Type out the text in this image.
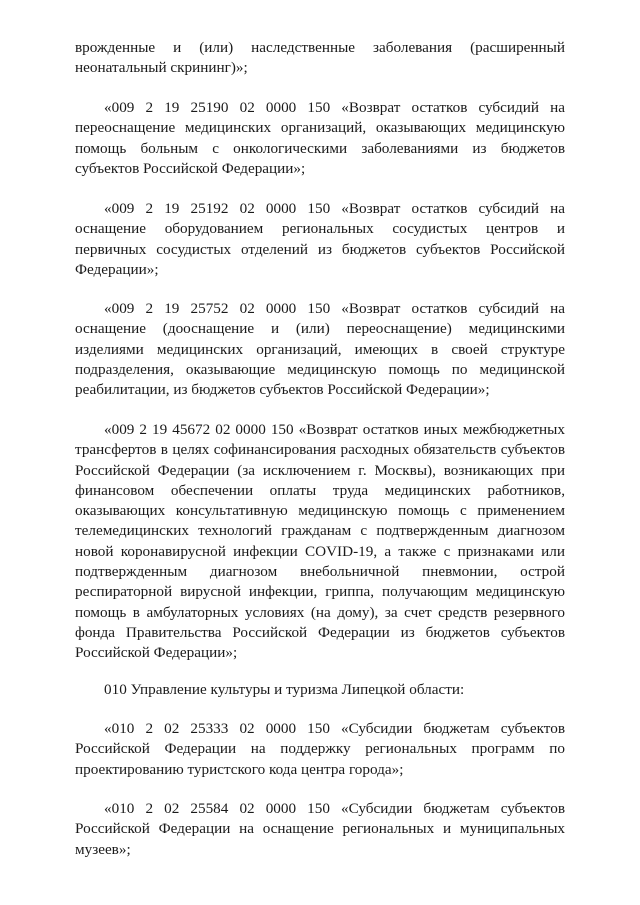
врожденные и (или) наследственные заболевания (расширенный неонатальный скрининг)»;

«009 2 19 25190 02 0000 150 «Возврат остатков субсидий на переоснащение медицинских организаций, оказывающих медицинскую помощь больным с онкологическими заболеваниями из бюджетов субъектов Российской Федерации»;

«009 2 19 25192 02 0000 150 «Возврат остатков субсидий на оснащение оборудованием региональных сосудистых центров и первичных сосудистых отделений из бюджетов субъектов Российской Федерации»;

«009 2 19 25752 02 0000 150 «Возврат остатков субсидий на оснащение (дооснащение и (или) переоснащение) медицинскими изделиями медицинских организаций, имеющих в своей структуре подразделения, оказывающие медицинскую помощь по медицинской реабилитации, из бюджетов субъектов Российской Федерации»;

«009 2 19 45672 02 0000 150 «Возврат остатков иных межбюджетных трансфертов в целях софинансирования расходных обязательств субъектов Российской Федерации (за исключением г. Москвы), возникающих при финансовом обеспечении оплаты труда медицинских работников, оказывающих консультативную медицинскую помощь с применением телемедицинских технологий гражданам с подтвержденным диагнозом новой коронавирусной инфекции COVID-19, а также с признаками или подтвержденным диагнозом внебольничной пневмонии, острой респираторной вирусной инфекции, гриппа, получающим медицинскую помощь в амбулаторных условиях (на дому), за счет средств резервного фонда Правительства Российской Федерации из бюджетов субъектов Российской Федерации»;

010 Управление культуры и туризма Липецкой области:

«010 2 02 25333 02 0000 150 «Субсидии бюджетам субъектов Российской Федерации на поддержку региональных программ по проектированию туристского кода центра города»;

«010 2 02 25584 02 0000 150 «Субсидии бюджетам субъектов Российской Федерации на оснащение региональных и муниципальных музеев»;
